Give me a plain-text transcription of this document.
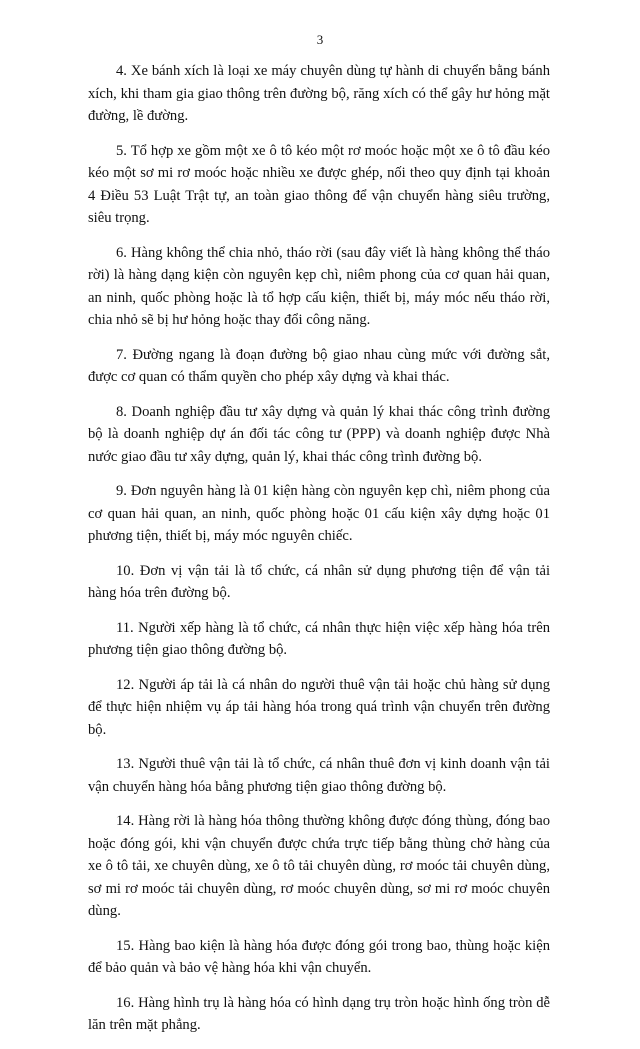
3

4. Xe bánh xích là loại xe máy chuyên dùng tự hành di chuyển bằng bánh xích, khi tham gia giao thông trên đường bộ, răng xích có thể gây hư hỏng mặt đường, lề đường.

5. Tổ hợp xe gồm một xe ô tô kéo một rơ moóc hoặc một xe ô tô đầu kéo kéo một sơ mi rơ moóc hoặc nhiều xe được ghép, nối theo quy định tại khoản 4 Điều 53 Luật Trật tự, an toàn giao thông để vận chuyển hàng siêu trường, siêu trọng.

6. Hàng không thể chia nhỏ, tháo rời (sau đây viết là hàng không thể tháo rời) là hàng dạng kiện còn nguyên kẹp chì, niêm phong của cơ quan hải quan, an ninh, quốc phòng hoặc là tổ hợp cấu kiện, thiết bị, máy móc nếu tháo rời, chia nhỏ sẽ bị hư hỏng hoặc thay đổi công năng.

7. Đường ngang là đoạn đường bộ giao nhau cùng mức với đường sắt, được cơ quan có thẩm quyền cho phép xây dựng và khai thác.

8. Doanh nghiệp đầu tư xây dựng và quản lý khai thác công trình đường bộ là doanh nghiệp dự án đối tác công tư (PPP) và doanh nghiệp được Nhà nước giao đầu tư xây dựng, quản lý, khai thác công trình đường bộ.

9. Đơn nguyên hàng là 01 kiện hàng còn nguyên kẹp chì, niêm phong của cơ quan hải quan, an ninh, quốc phòng hoặc 01 cấu kiện xây dựng hoặc 01 phương tiện, thiết bị, máy móc nguyên chiếc.

10. Đơn vị vận tải là tổ chức, cá nhân sử dụng phương tiện để vận tải hàng hóa trên đường bộ.

11. Người xếp hàng là tổ chức, cá nhân thực hiện việc xếp hàng hóa trên phương tiện giao thông đường bộ.

12. Người áp tải là cá nhân do người thuê vận tải hoặc chủ hàng sử dụng để thực hiện nhiệm vụ áp tải hàng hóa trong quá trình vận chuyển trên đường bộ.

13. Người thuê vận tải là tổ chức, cá nhân thuê đơn vị kinh doanh vận tải vận chuyển hàng hóa bằng phương tiện giao thông đường bộ.

14. Hàng rời là hàng hóa thông thường không được đóng thùng, đóng bao hoặc đóng gói, khi vận chuyển được chứa trực tiếp bằng thùng chở hàng của xe ô tô tải, xe chuyên dùng, xe ô tô tải chuyên dùng, rơ moóc tải chuyên dùng, sơ mi rơ moóc tải chuyên dùng, rơ moóc chuyên dùng, sơ mi rơ moóc chuyên dùng.

15. Hàng bao kiện là hàng hóa được đóng gói trong bao, thùng hoặc kiện để bảo quản và bảo vệ hàng hóa khi vận chuyển.

16. Hàng hình trụ là hàng hóa có hình dạng trụ tròn hoặc hình ống tròn dễ lăn trên mặt phẳng.
